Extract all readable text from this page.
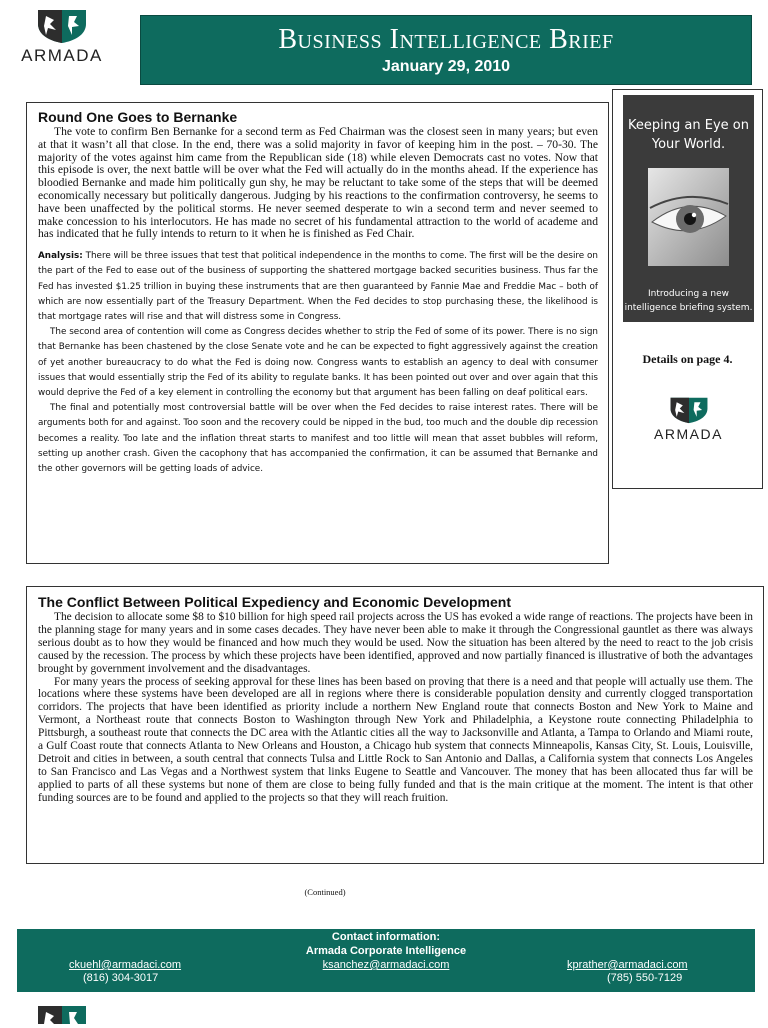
ARMADA
Business Intelligence Brief
January 29, 2010
Round One Goes to Bernanke

The vote to confirm Ben Bernanke for a second term as Fed Chairman was the closest seen in many years; but even at that it wasn’t all that close. In the end, there was a solid majority in favor of keeping him in the post. – 70-30. The majority of the votes against him came from the Republican side (18) while eleven Democrats cast no votes. Now that this episode is over, the next battle will be over what the Fed will actually do in the months ahead. If the experience has bloodied Bernanke and made him politically gun shy, he may be reluctant to take some of the steps that will be deemed economically necessary but politically dangerous. Judging by his reactions to the confirmation controversy, he seems to have been unaffected by the political storms. He never seemed desperate to win a second term and never seemed to make concession to his interlocutors. He has made no secret of his fundamental attraction to the world of academe and has indicated that he fully intends to return to it when he is finished as Fed Chair.

Analysis: There will be three issues that test that political independence in the months to come. The first will be the desire on the part of the Fed to ease out of the business of supporting the shattered mortgage backed securities business. Thus far the Fed has invested $1.25 trillion in buying these instruments that are then guaranteed by Fannie Mae and Freddie Mac – both of which are now essentially part of the Treasury Department. When the Fed decides to stop purchasing these, the likelihood is that mortgage rates will rise and that will distress some in Congress.

The second area of contention will come as Congress decides whether to strip the Fed of some of its power. There is no sign that Bernanke has been chastened by the close Senate vote and he can be expected to fight aggressively against the creation of yet another bureaucracy to do what the Fed is doing now. Congress wants to establish an agency to deal with consumer issues that would essentially strip the Fed of its ability to regulate banks. It has been pointed out over and over again that this would deprive the Fed of a key element in controlling the economy but that argument has been falling on deaf political ears.

The final and potentially most controversial battle will be over when the Fed decides to raise interest rates. There will be arguments both for and against. Too soon and the recovery could be nipped in the bud, too much and the double dip recession becomes a reality. Too late and the inflation threat starts to manifest and too little will mean that asset bubbles will reform, setting up another crash. Given the cacophony that has accompanied the confirmation, it can be assumed that Bernanke and the other governors will be getting loads of advice.

Keeping an Eye on Your World.
Introducing a new intelligence briefing system.
Details on page 4.
ARMADA
The Conflict Between Political Expediency and Economic Development

The decision to allocate some $8 to $10 billion for high speed rail projects across the US has evoked a wide range of reactions. The projects have been in the planning stage for many years and in some cases decades. They have never been able to make it through the Congressional gauntlet as there was always serious doubt as to how they would be financed and how much they would be used. Now the situation has been altered by the need to react to the job crisis caused by the recession. The process by which these projects have been identified, approved and now partially financed is illustrative of both the advantages brought by government involvement and the disadvantages.

For many years the process of seeking approval for these lines has been based on proving that there is a need and that people will actually use them. The locations where these systems have been developed are all in regions where there is considerable population density and currently clogged transportation corridors. The projects that have been identified as priority include a northern New England route that connects Boston and New York to Maine and Vermont, a Northeast route that connects Boston to Washington through New York and Philadelphia, a Keystone route connecting Philadelphia to Pittsburgh, a southeast route that connects the DC area with the Atlantic cities all the way to Jacksonville and Atlanta, a Tampa to Orlando and Miami route, a Gulf Coast route that connects Atlanta to New Orleans and Houston, a Chicago hub system that connects Minneapolis, Kansas City, St. Louis, Louisville, Detroit and cities in between, a south central that connects Tulsa and Little Rock to San Antonio and Dallas, a California system that connects Los Angeles to San Francisco and Las Vegas and a Northwest system that links Eugene to Seattle and Vancouver. The money that has been allocated thus far will be applied to parts of all these systems but none of them are close to being fully funded and that is the main critique at the moment. The intent is that other funding sources are to be found and applied to the projects so that they will reach fruition.

(Continued)
Contact information:
Armada Corporate Intelligence
ckuehl@armadaci.com
(816) 304-3017
ksanchez@armadaci.com	kprather@armadaci.com
(785) 550-7129
